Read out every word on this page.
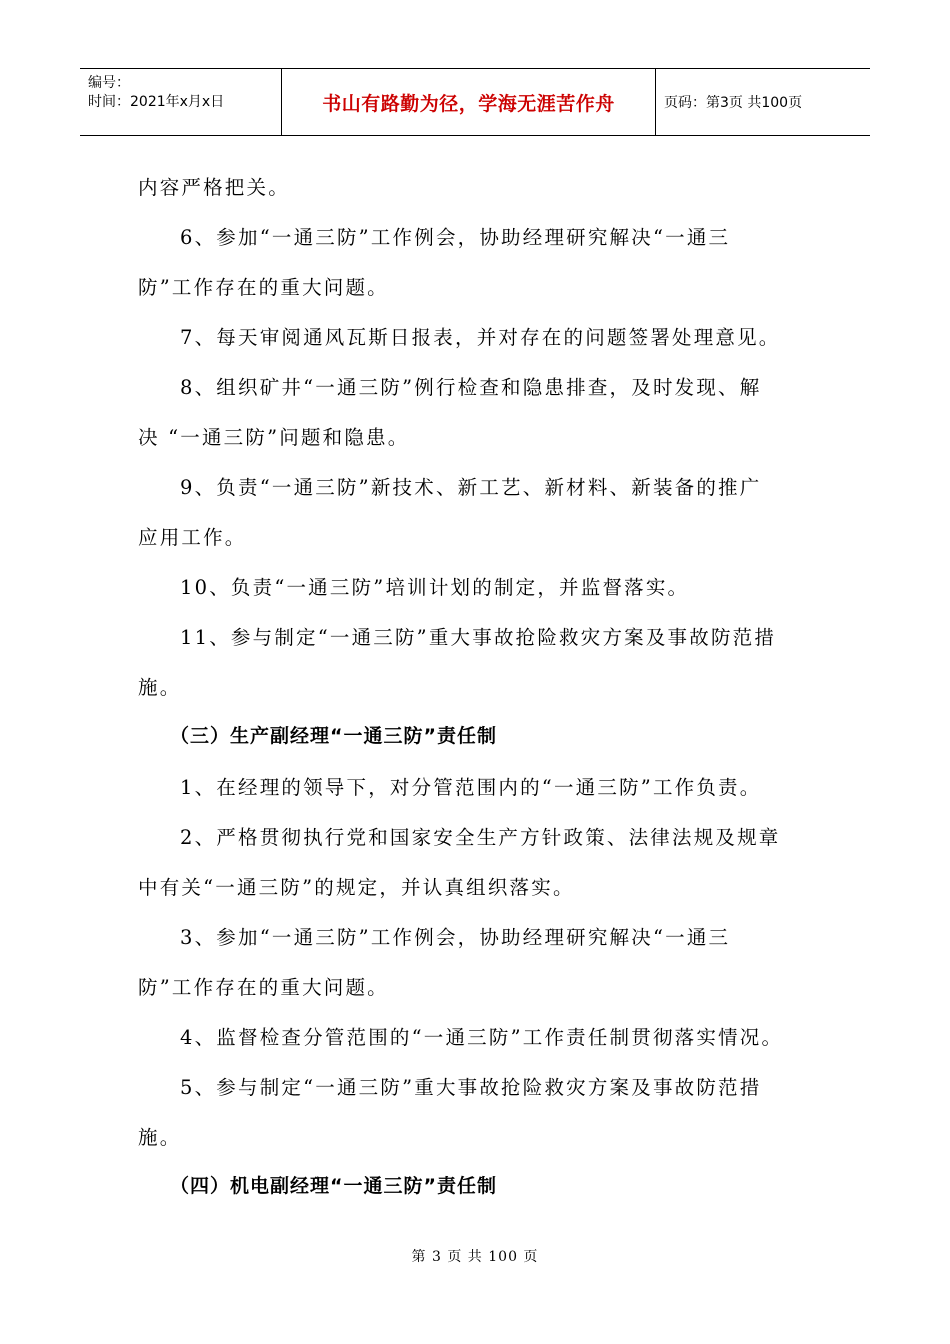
编号：
时间：2021年x月x日	书山有路勤为径，学海无涯苦作舟	页码：第3页 共100页
内容严格把关。
6、参加“一通三防”工作例会，协助经理研究解决“一通三
防”工作存在的重大问题。
7、每天审阅通风瓦斯日报表，并对存在的问题签署处理意见。
8、组织矿井“一通三防”例行检查和隐患排查，及时发现、解
决 “一通三防”问题和隐患。
9、负责“一通三防”新技术、新工艺、新材料、新装备的推广
应用工作。
10、负责“一通三防”培训计划的制定，并监督落实。
11、参与制定“一通三防”重大事故抢险救灾方案及事故防范措
施。
（三）生产副经理“一通三防”责任制
1、在经理的领导下，对分管范围内的“一通三防”工作负责。
2、严格贯彻执行党和国家安全生产方针政策、法律法规及规章
中有关“一通三防”的规定，并认真组织落实。
3、参加“一通三防”工作例会，协助经理研究解决“一通三
防”工作存在的重大问题。
4、监督检查分管范围的“一通三防”工作责任制贯彻落实情况。
5、参与制定“一通三防”重大事故抢险救灾方案及事故防范措
施。
（四）机电副经理“一通三防”责任制
第 3 页 共 100 页
